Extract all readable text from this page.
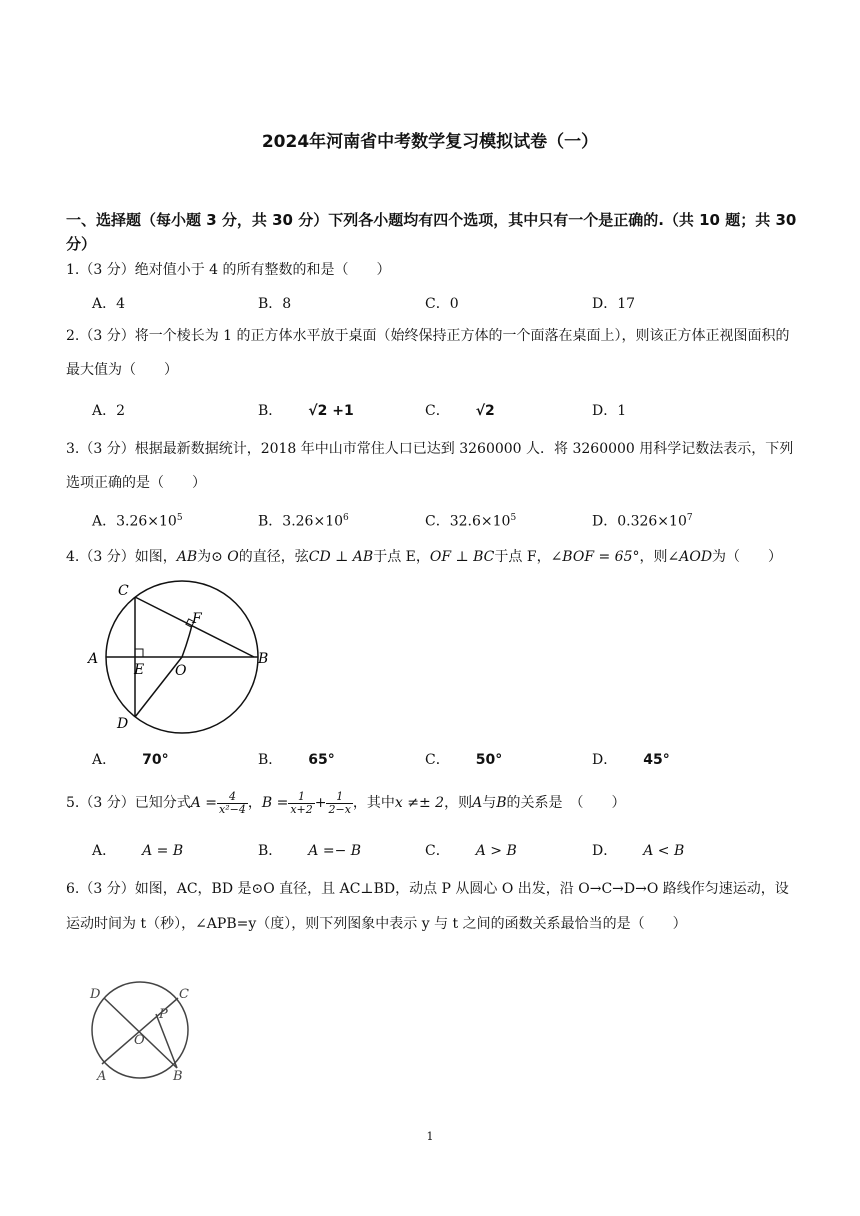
2024年河南省中考数学复习模拟试卷（一）
一、选择题（每小题 3 分，共 30 分）下列各小题均有四个选项，其中只有一个是正确的.（共 10 题；共 30 分）
1.（3 分）绝对值小于 4 的所有整数的和是（　　）
A．4	B．8	C．0	D．17
2.（3 分）将一个棱长为 1 的正方体水平放于桌面（始终保持正方体的一个面落在桌面上），则该正方体正视图面积的最大值为（　　）
A．2	B． √2 +1	C． √2	D．1
3.（3 分）根据最新数据统计，2018 年中山市常住人口已达到 3260000 人．将 3260000 用科学记数法表示，下列选项正确的是（　　）
A．$3.26\times 10^5$	B．$3.26\times 10^6$	C．$32.6\times 10^5$	D．$0.326\times 10^7$
4.（3 分）如图，AB为⊙ O的直径，弦CD ⊥ AB于点 E，OF ⊥ BC于点 F，∠BOF = 65°，则∠AOD为（　　）
C
F
A
E O
B
D
A． 70°	B． 65°	C． 50°	D． 45°
5.（3 分）已知分式$A = \frac{4}{\text{x²−4}}$ ，$B = \frac{1}{x+2} + \frac{1}{2-x}$ ，其中x ≠± 2，则A与B的关系是　（　　）
A． A = B	B． A =− B	C． A > B	D． A < B
6.（3 分）如图，AC，BD 是⊙O 直径，且 AC⊥BD，动点 P 从圆心 O 出发，沿 O→C→D→O 路线作匀速运动，设运动时间为 t（秒），∠APB=y（度），则下列图象中表示 y 与 t 之间的函数关系最恰当的是（　　）
D	C
P
O
A	B
1
